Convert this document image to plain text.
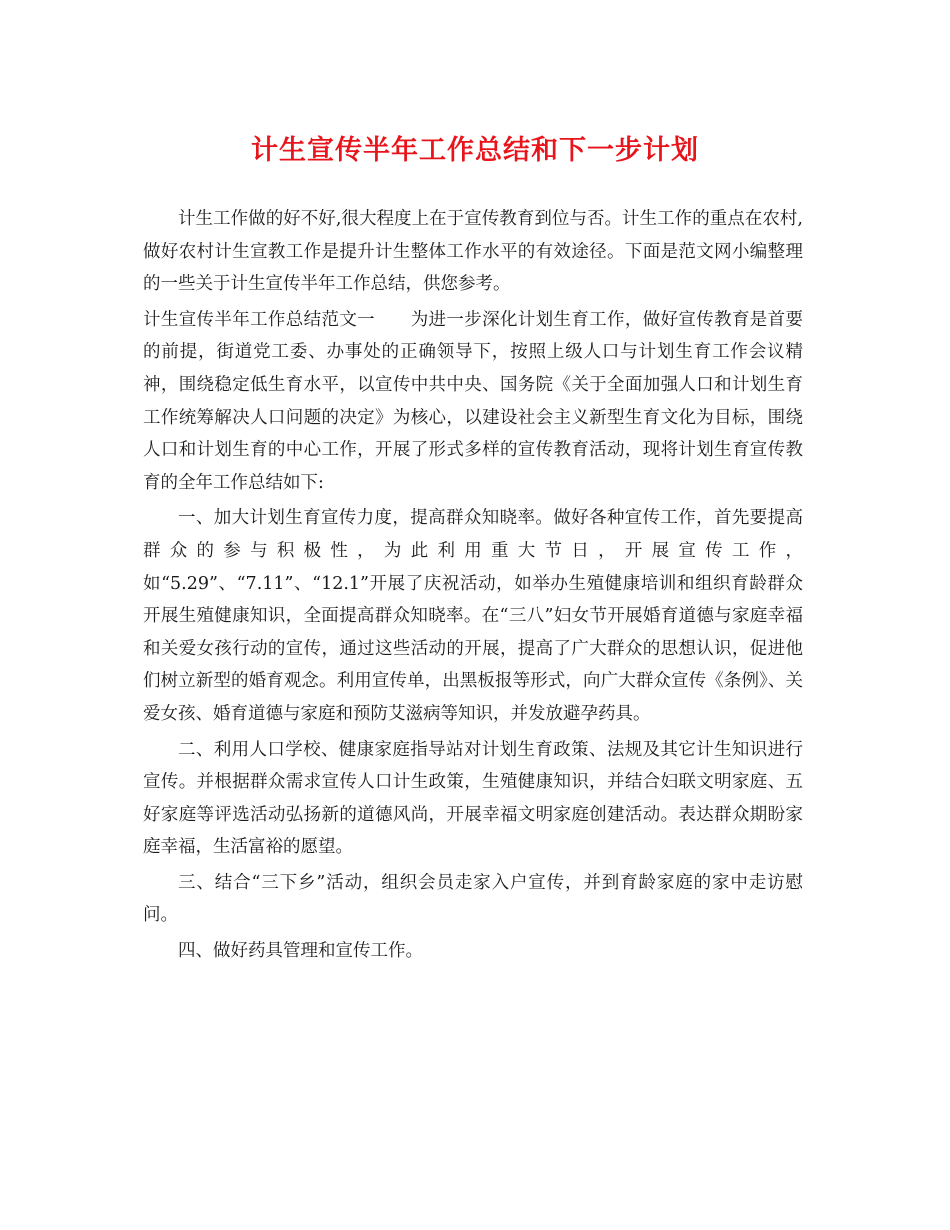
计生宣传半年工作总结和下一步计划

计生工作做的好不好,很大程度上在于宣传教育到位与否。计生工作的重点在农村,做好农村计生宣教工作是提升计生整体工作水平的有效途径。下面是范文网小编整理的一些关于计生宣传半年工作总结，供您参考。

计生宣传半年工作总结范文一　　为进一步深化计划生育工作，做好宣传教育是首要的前提，街道党工委、办事处的正确领导下，按照上级人口与计划生育工作会议精神，围绕稳定低生育水平，以宣传中共中央、国务院《关于全面加强人口和计划生育工作统筹解决人口问题的决定》为核心，以建设社会主义新型生育文化为目标，围绕人口和计划生育的中心工作，开展了形式多样的宣传教育活动，现将计划生育宣传教育的全年工作总结如下:

一、加大计划生育宣传力度，提高群众知晓率。做好各种宣传工作，首先要提高群众的参与积极性，为此利用重大节日，开展宣传工作，如“5.29”、“7.11”、“12.1”开展了庆祝活动，如举办生殖健康培训和组织育龄群众开展生殖健康知识，全面提高群众知晓率。在“三八”妇女节开展婚育道德与家庭幸福和关爱女孩行动的宣传，通过这些活动的开展，提高了广大群众的思想认识，促进他们树立新型的婚育观念。利用宣传单，出黑板报等形式，向广大群众宣传《条例》、关爱女孩、婚育道德与家庭和预防艾滋病等知识，并发放避孕药具。

二、利用人口学校、健康家庭指导站对计划生育政策、法规及其它计生知识进行宣传。并根据群众需求宣传人口计生政策，生殖健康知识，并结合妇联文明家庭、五好家庭等评选活动弘扬新的道德风尚，开展幸福文明家庭创建活动。表达群众期盼家庭幸福，生活富裕的愿望。

三、结合“三下乡”活动，组织会员走家入户宣传，并到育龄家庭的家中走访慰问。

四、做好药具管理和宣传工作。
